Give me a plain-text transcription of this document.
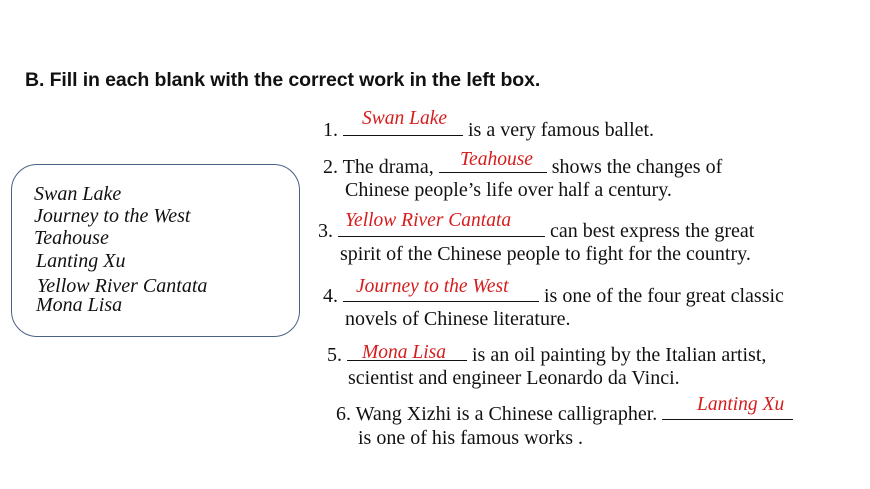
B. Fill in each blank with the correct work in the left box.
Swan Lake
Journey to the West
Teahouse
Lanting Xu
Yellow River Cantata
Mona Lisa
1.	is a very famous ballet.
Swan Lake
2. The drama,	shows the changes of
Chinese people’s life over half a century.
Teahouse
3.	can best express the great
spirit of the Chinese people to fight for the country.
Yellow River Cantata
4.	is one of the four great classic
novels of Chinese literature.
Journey to the West
5.	is an oil painting by the Italian artist,
scientist and engineer Leonardo da Vinci.
Mona Lisa
6. Wang Xizhi is a Chinese calligrapher.
is one of his famous works .
Lanting Xu
